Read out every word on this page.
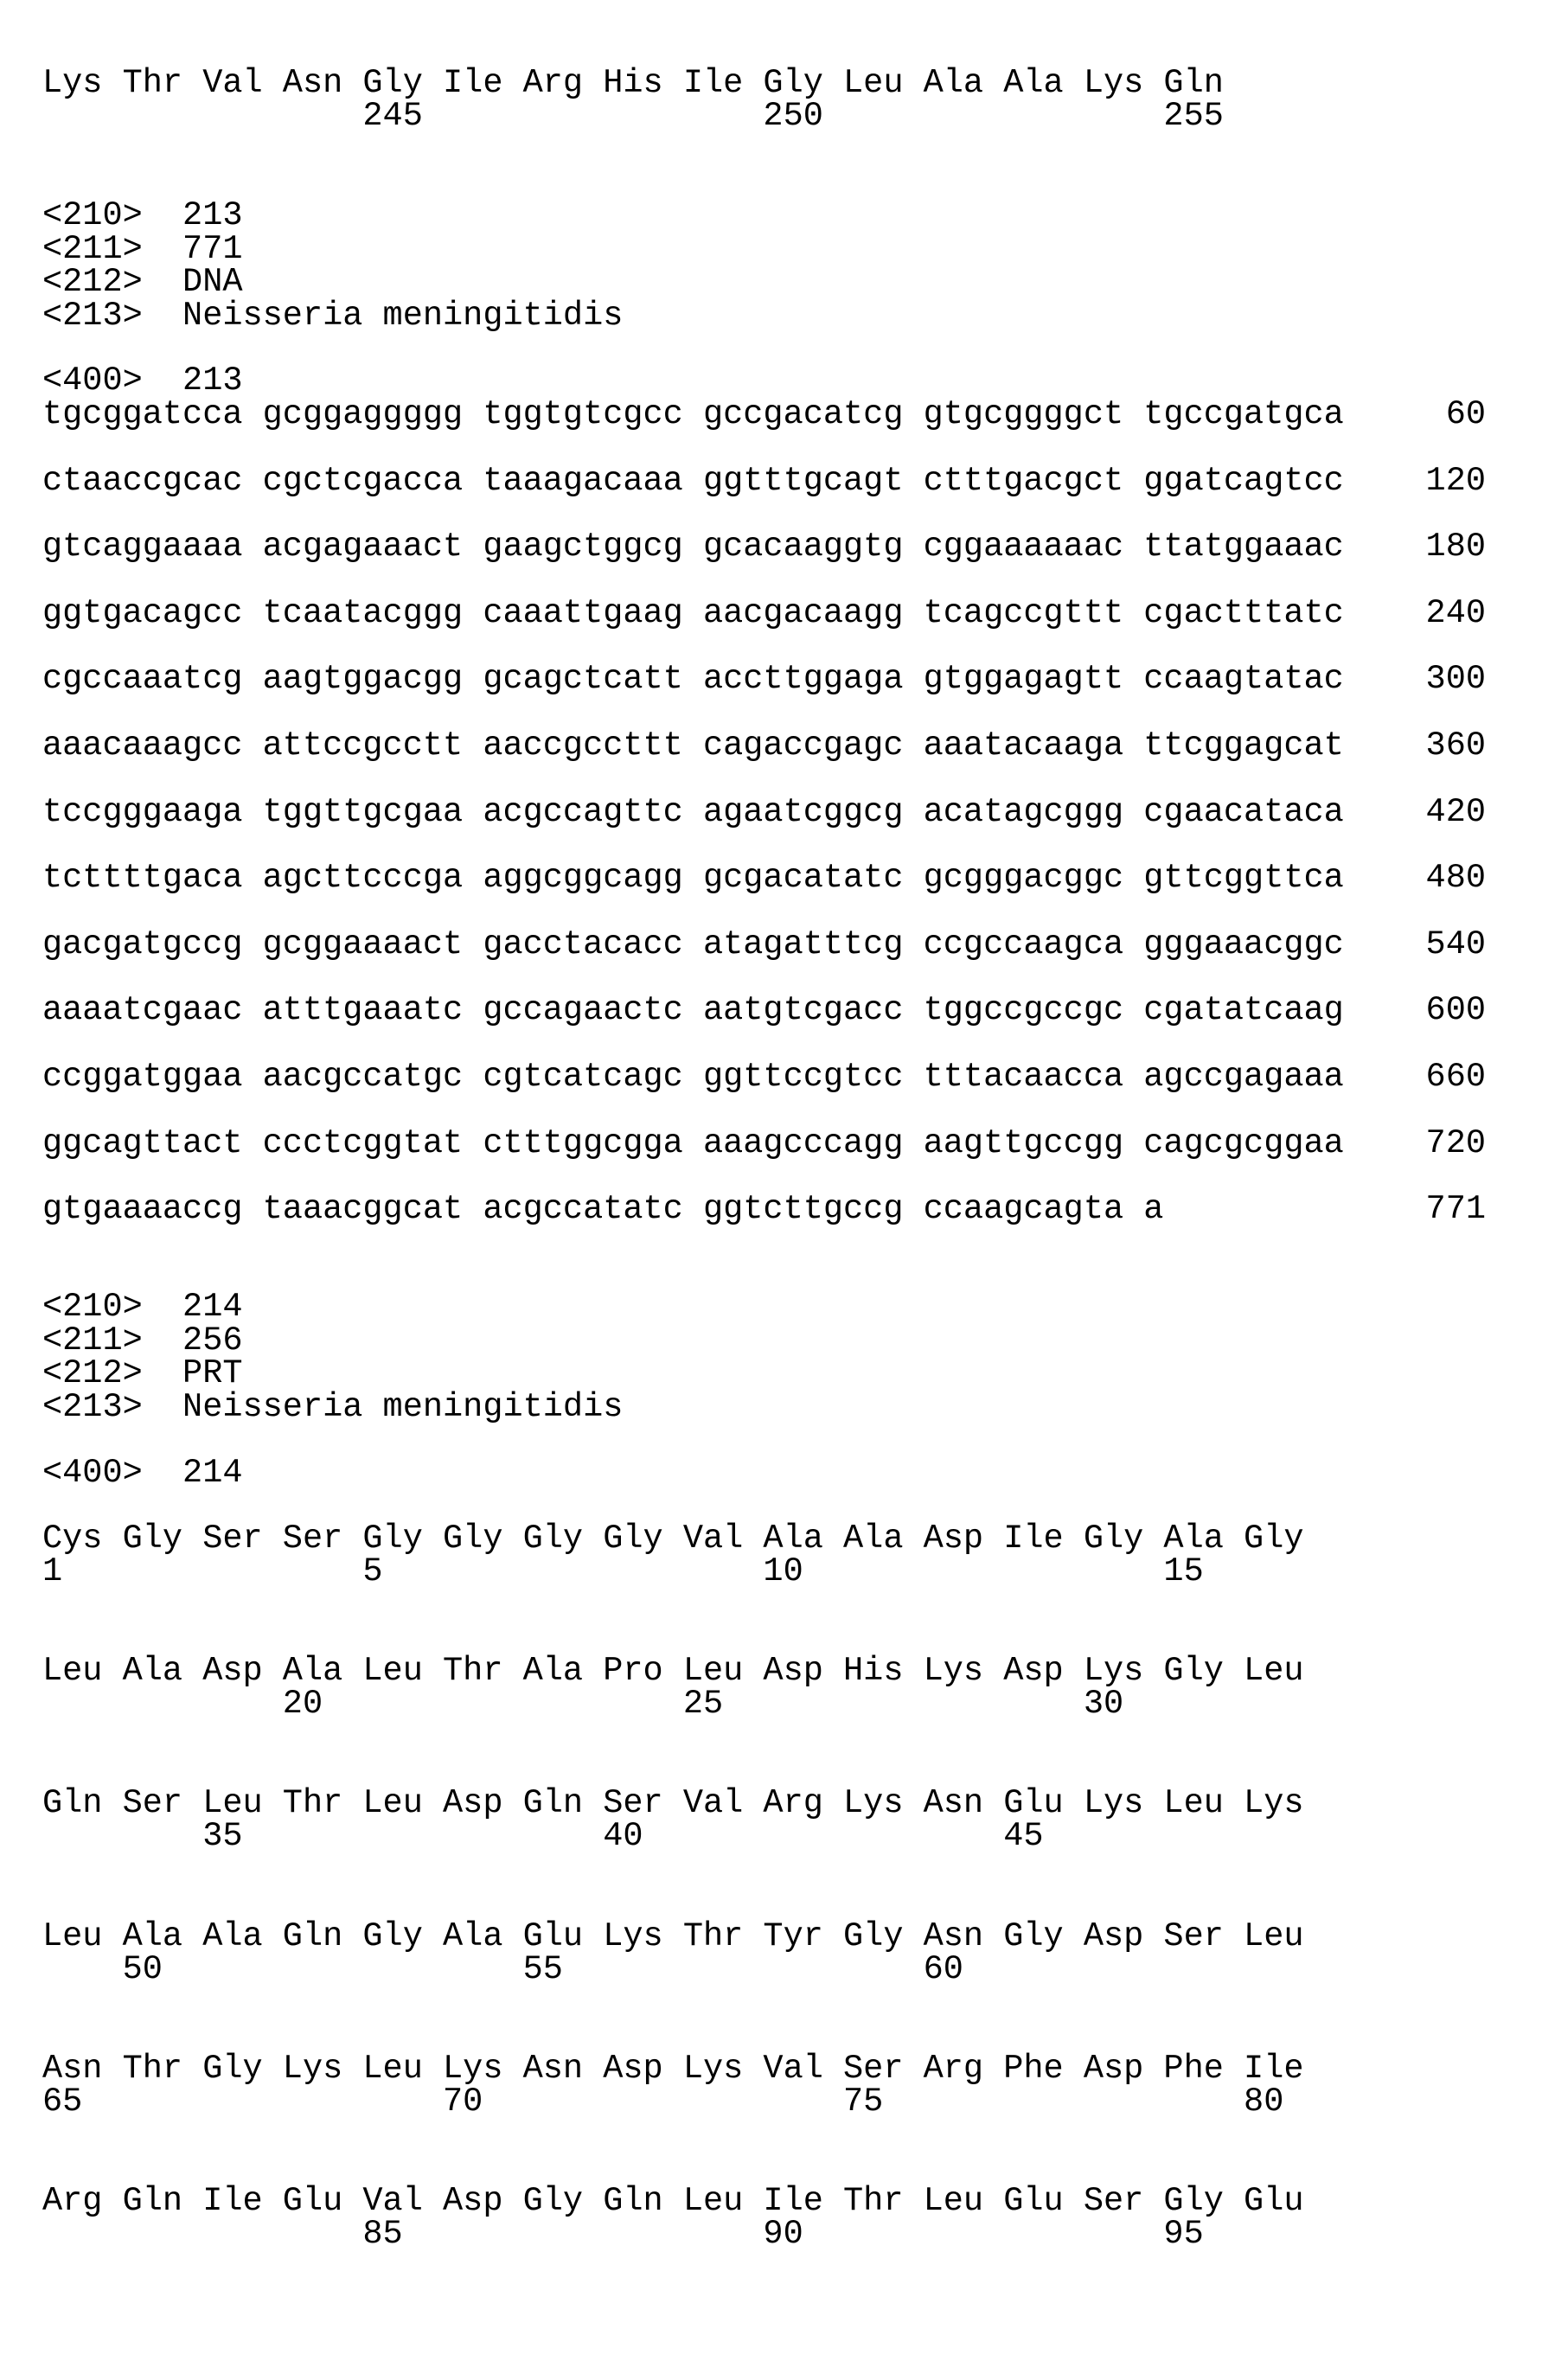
Lys Thr Val Asn Gly Ile Arg His Ile Gly Leu Ala Ala Lys Gln
245                 250                 255
<210>  213
<211>  771
<212>  DNA
<213>  Neisseria meningitidis
<400>  213
tgcggatcca gcggaggggg tggtgtcgcc gccgacatcg gtgcggggct tgccgatgca	60
ctaaccgcac cgctcgacca taaagacaaa ggtttgcagt ctttgacgct ggatcagtcc 120
gtcaggaaaa acgagaaact gaagctggcg gcacaaggtg cggaaaaaac ttatggaaac 180
ggtgacagcc tcaatacggg caaattgaag aacgacaagg tcagccgttt cgactttatc 240
cgccaaatcg aagtggacgg gcagctcatt accttggaga gtggagagtt ccaagtatac 300
aaacaaagcc attccgcctt aaccgccttt cagaccgagc aaatacaaga ttcggagcat 360
tccgggaaga tggttgcgaa acgccagttc agaatcggcg acatagcggg cgaacataca 420
tcttttgaca agcttcccga aggcggcagg gcgacatatc gcgggacggc gttcggttca 480
gacgatgccg gcggaaaact gacctacacc atagatttcg ccgccaagca gggaaacggc 540
aaaatcgaac atttgaaatc gccagaactc aatgtcgacc tggccgccgc cgatatcaag 600
ccggatggaa aacgccatgc cgtcatcagc ggttccgtcc tttacaacca agccgagaaa 660
ggcagttact ccctcggtat ctttggcgga aaagcccagg aagttgccgg cagcgcggaa 720
gtgaaaaccg taaacggcat acgccatatc ggtcttgccg ccaagcagta a	771
<210>  214
<211>  256
<212>  PRT
<213>  Neisseria meningitidis
<400>  214
Cys Gly Ser Ser Gly Gly Gly Gly Val Ala Ala Asp Ile Gly Ala Gly
1               5                   10                  15
Leu Ala Asp Ala Leu Thr Ala Pro Leu Asp His Lys Asp Lys Gly Leu
20                  25                  30
Gln Ser Leu Thr Leu Asp Gln Ser Val Arg Lys Asn Glu Lys Leu Lys
35                  40                  45
Leu Ala Ala Gln Gly Ala Glu Lys Thr Tyr Gly Asn Gly Asp Ser Leu
50                  55                  60
Asn Thr Gly Lys Leu Lys Asn Asp Lys Val Ser Arg Phe Asp Phe Ile
65                  70                  75                  80
Arg Gln Ile Glu Val Asp Gly Gln Leu Ile Thr Leu Glu Ser Gly Glu
85                  90                  95
